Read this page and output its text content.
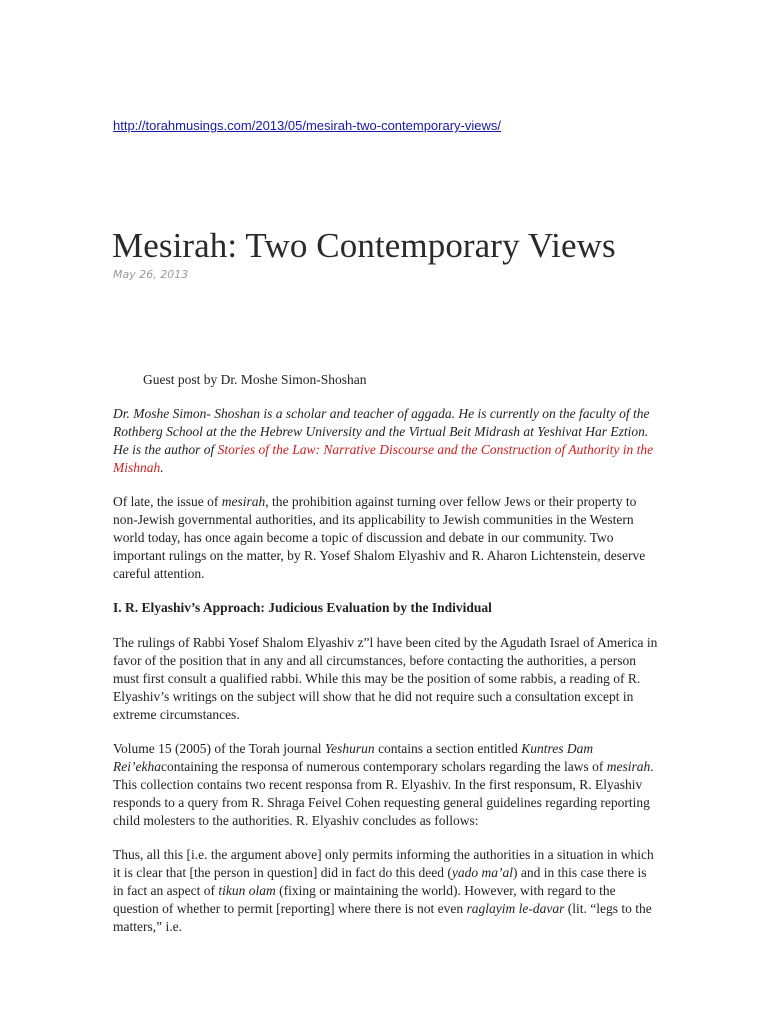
http://torahmusings.com/2013/05/mesirah-two-contemporary-views/
Mesirah: Two Contemporary Views
May 26, 2013
Guest post by Dr. Moshe Simon-Shoshan

Dr. Moshe Simon- Shoshan is a scholar and teacher of aggada. He is currently on the faculty of the Rothberg School at the the Hebrew University and the Virtual Beit Midrash at Yeshivat Har Eztion. He is the author of Stories of the Law: Narrative Discourse and the Construction of Authority in the Mishnah.

Of late, the issue of mesirah, the prohibition against turning over fellow Jews or their property to non-Jewish governmental authorities, and its applicability to Jewish communities in the Western world today, has once again become a topic of discussion and debate in our community. Two important rulings on the matter, by R. Yosef Shalom Elyashiv and R. Aharon Lichtenstein, deserve careful attention.

I. R. Elyashiv’s Approach: Judicious Evaluation by the Individual

The rulings of Rabbi Yosef Shalom Elyashiv z”l have been cited by the Agudath Israel of America in favor of the position that in any and all circumstances, before contacting the authorities, a person must first consult a qualified rabbi. While this may be the position of some rabbis, a reading of R. Elyashiv’s writings on the subject will show that he did not require such a consultation except in extreme circumstances.

Volume 15 (2005) of the Torah journal Yeshurun contains a section entitled Kuntres Dam Rei’ekhacontaining the responsa of numerous contemporary scholars regarding the laws of mesirah. This collection contains two recent responsa from R. Elyashiv. In the first responsum, R. Elyashiv responds to a query from R. Shraga Feivel Cohen requesting general guidelines regarding reporting child molesters to the authorities. R. Elyashiv concludes as follows:

Thus, all this [i.e. the argument above] only permits informing the authorities in a situation in which it is clear that [the person in question] did in fact do this deed (yado ma’al) and in this case there is in fact an aspect of tikun olam (fixing or maintaining the world). However, with regard to the question of whether to permit [reporting] where there is not even raglayim le-davar (lit. “legs to the matters,” i.e.
